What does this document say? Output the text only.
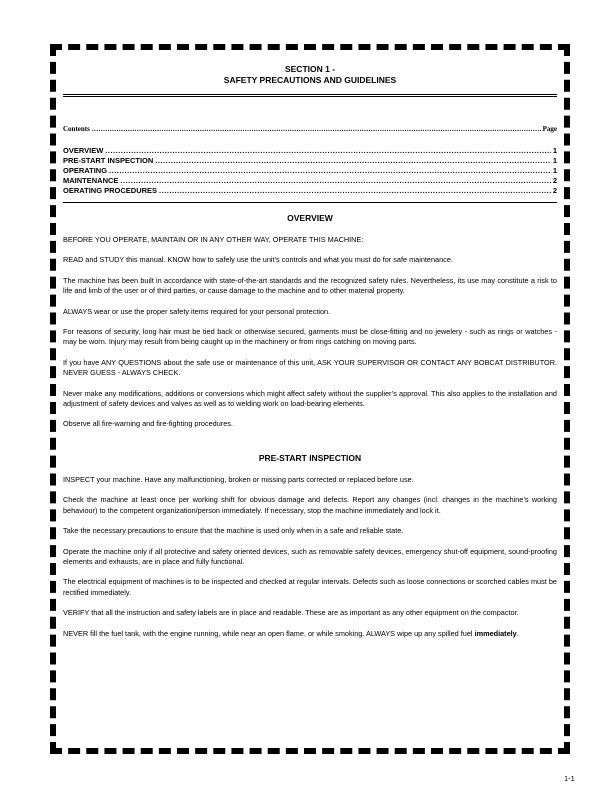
SECTION 1 -
SAFETY PRECAUTIONS AND GUIDELINES
Contents .....	Page
OVERVIEW .....	1
PRE-START INSPECTION .....	1
OPERATING .....	1
MAINTENANCE .....	2
OERATING PROCEDURES .....	2
OVERVIEW

BEFORE YOU OPERATE, MAINTAIN OR IN ANY OTHER WAY, OPERATE THIS MACHINE:

READ and STUDY this manual. KNOW how to safely use the unit’s controls and what you must do for safe maintenance.

The machine has been built in accordance with state-of-the-art standards and the recognized safety rules. Nevertheless, its use may constitute a risk to life and limb of the user or of third parties, or cause damage to the machine and to other material property.

ALWAYS wear or use the proper safety items required for your personal protection.

For reasons of security, long hair must be tied back or otherwise secured, garments must be close-fitting and no jewelery - such as rings or watches - may be worn. Injury may result from being caught up in the machinery or from rings catching on moving parts.

If you have ANY QUESTIONS about the safe use or maintenance of this unit, ASK YOUR SUPERVISOR OR CONTACT ANY BOBCAT DISTRIBUTOR. NEVER GUESS - ALWAYS CHECK.

Never make any modifications, additions or conversions which might affect safety without the supplier’s approval. This also applies to the installation and adjustment of safety devices and valves as well as to welding work on load-bearing elements.

Observe all fire-warning and fire-fighting procedures.

PRE-START INSPECTION

INSPECT your machine. Have any malfunctioning, broken or missing parts corrected or replaced before use.

Check the machine at least once per working shift for obvious damage and defects. Report any changes (incl. changes in the machine’s working behaviour) to the competent organization/person immediately. If necessary, stop the machine immediately and lock it.

Take the necessary precautions to ensure that the machine is used only when in a safe and reliable state.

Operate the machine only if all protective and safety oriented devices, such as removable safety devices, emergency shut-off equipment, sound-proofing elements and exhausts, are in place and fully functional.

The electrical equipment of machines is to be inspected and checked at regular intervals. Defects such as loose connections or scorched cables must be rectified immediately.

VERIFY that all the instruction and safety labels are in place and readable. These are as important as any other equipment on the compactor.

NEVER fill the fuel tank, with the engine running, while near an open flame, or while smoking. ALWAYS wipe up any spilled fuel immediately.

1-1
